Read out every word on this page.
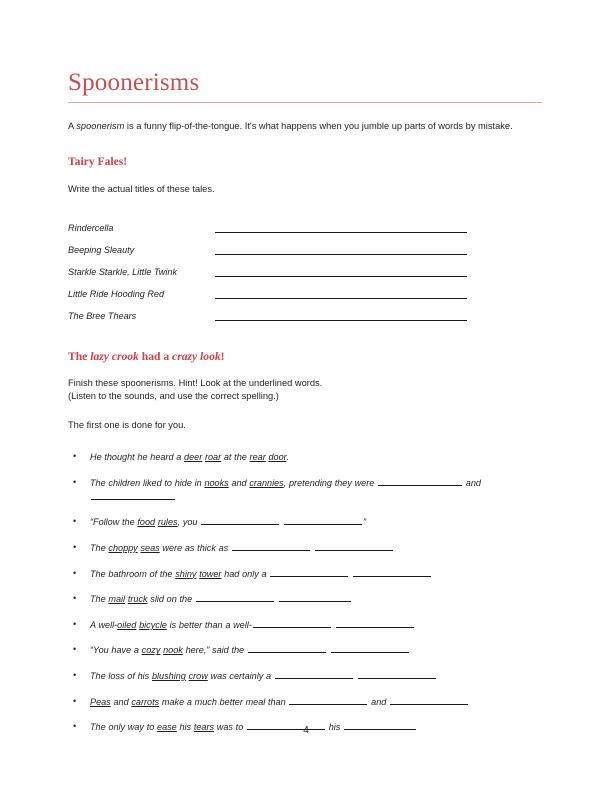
Spoonerisms

A spoonerism is a funny flip-of-the-tongue. It's what happens when you jumble up parts of words by mistake.

Tairy Fales!

Write the actual titles of these tales.

Rindercella
Beeping Sleauty
Starkle Starkle, Little Twink
Little Ride Hooding Red
The Bree Thears
The lazy crook had a crazy look!

Finish these spoonerisms. Hint! Look at the underlined words.
(Listen to the sounds, and use the correct spelling.)

The first one is done for you.

•	He thought he heard a deer roar at the rear door.
•	The children liked to hide in nooks and crannies, pretending they were	and
•	“Follow the food rules, you	”
•	The choppy seas were as thick as
•	The bathroom of the shiny tower had only a
•	The mail truck slid on the
•	A well-oiled bicycle is better than a well-
•	“You have a cozy nook here,” said the
•	The loss of his blushing crow was certainly a
•	Peas and carrots make a much better meal than	and
•	The only way to ease his tears was to	his
4
